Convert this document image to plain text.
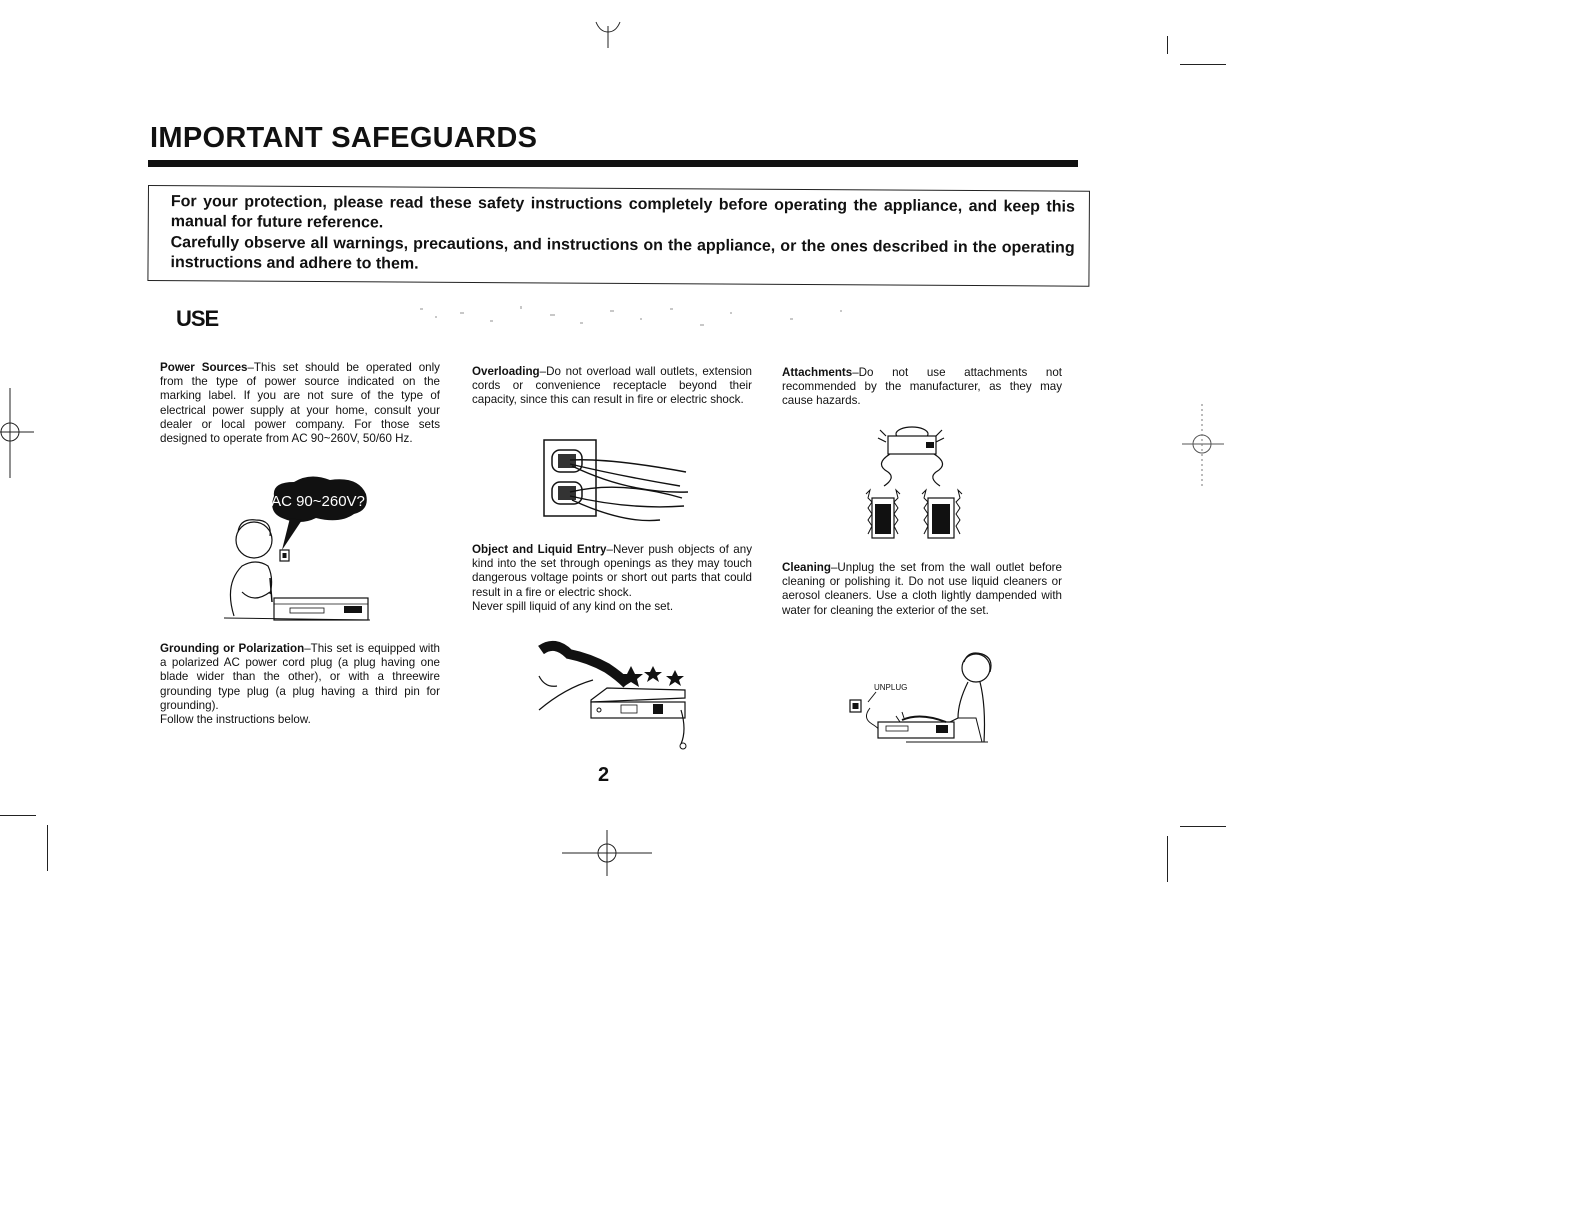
IMPORTANT SAFEGUARDS

For your protection, please read these safety instructions completely before operating the appliance, and keep this manual for future reference.

Carefully observe all warnings, precautions, and instructions on the appliance, or the ones described in the operating instructions and adhere to them.

USE

Power Sources–This set should be operated only from the type of power source indicated on the marking label. If you are not sure of the type of electrical power supply at your home, consult your dealer or local power company. For those sets designed to operate from AC 90~260V, 50/60 Hz.

AC 90~260V?

Grounding or Polarization–This set is equipped with a polarized AC power cord plug (a plug having one blade wider than the other), or with a threewire grounding type plug (a plug having a third pin for grounding).

Follow the instructions below.

Overloading–Do not overload wall outlets, extension cords or convenience receptacle beyond their capacity, since this can result in fire or electric shock.

Object and Liquid Entry–Never push objects of any kind into the set through openings as they may touch dangerous voltage points or short out parts that could result in a fire or electric shock.

Never spill liquid of any kind on the set.

Attachments–Do not use attachments not recommended by the manufacturer, as they may cause hazards.

Cleaning–Unplug the set from the wall outlet before cleaning or polishing it. Do not use liquid cleaners or aerosol cleaners. Use a cloth lightly dampended with water for cleaning the exterior of the set.

UNPLUG
2
